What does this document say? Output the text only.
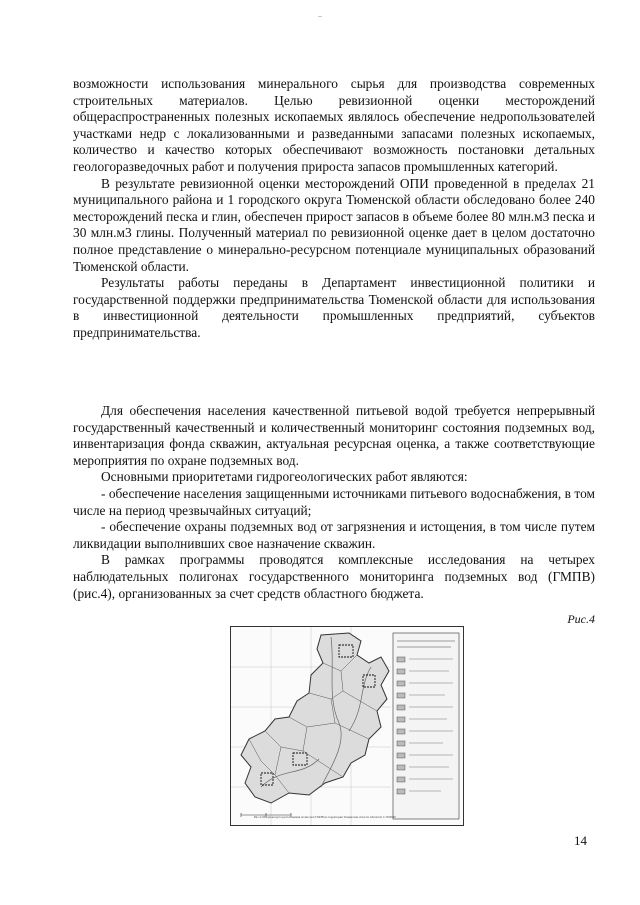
..

возможности использования минерального сырья для производства современных строительных материалов. Целью ревизионной оценки месторождений общераспространенных полезных ископаемых являлось обеспечение недропользователей участками недр с локализованными и разведанными запасами полезных ископаемых, количество и качество которых обеспечивают возможность постановки детальных геологоразведочных работ и получения прироста запасов промышленных категорий.

В результате ревизионной оценки месторождений ОПИ проведенной в пределах 21 муниципального района и 1 городского округа Тюменской области обследовано более 240 месторождений песка и глин, обеспечен прирост запасов в объеме более 80 млн.м3 песка и 30 млн.м3 глины. Полученный материал по ревизионной оценке дает в целом достаточно полное представление о минерально-ресурсном потенциале муниципальных образований Тюменской области.

Результаты работы переданы в Департамент инвестиционной политики и государственной поддержки предпринимательства Тюменской области для использования в инвестиционной деятельности промышленных предприятий, субъектов предпринимательства.

Для обеспечения населения качественной питьевой водой требуется непрерывный государственный качественный и количественный мониторинг состояния подземных вод, инвентаризация фонда скважин, актуальная ресурсная оценка, а также соответствующие мероприятия по охране подземных вод.

Основными приоритетами гидрогеологических работ являются:

- обеспечение населения защищенными источниками питьевого водоснабжения, в том числе на период чрезвычайных ситуаций;

- обеспечение охраны подземных вод от загрязнения и истощения, в том числе путем ликвидации выполнивших свое назначение скважин.

В рамках программы проводятся комплексные исследования на четырех наблюдательных полигонах государственного мониторинга подземных вод (ГМПВ) (рис.4), организованных за счет средств областного бюджета.

Рис.4
Рис.4 Обзорная карта расположения полигонов ГМПВ на территории Тюменской области. Масштаб 1:2500000
14
